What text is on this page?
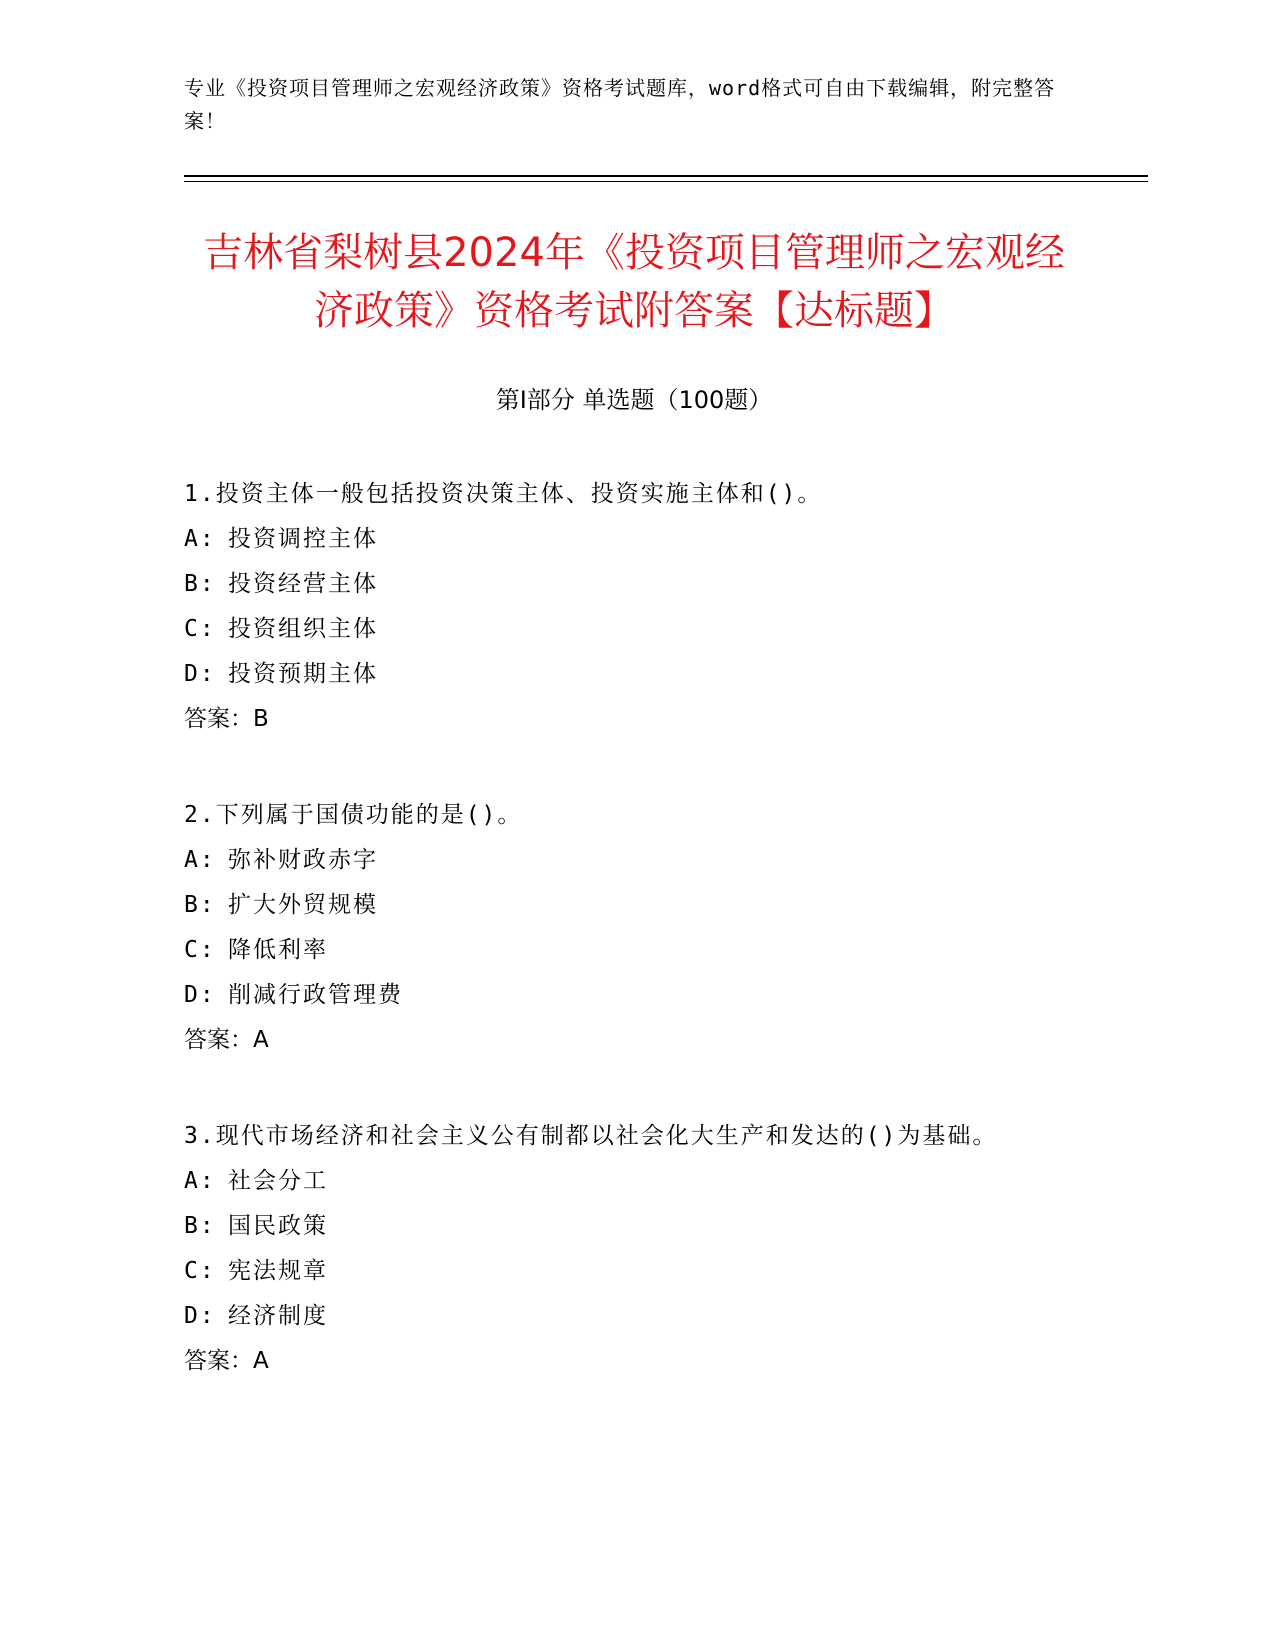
专业《投资项目管理师之宏观经济政策》资格考试题库，word格式可自由下载编辑，附完整答案！
吉林省梨树县2024年《投资项目管理师之宏观经济政策》资格考试附答案【达标题】
第I部分 单选题（100题）

1.投资主体一般包括投资决策主体、投资实施主体和()。

A: 投资调控主体

B: 投资经营主体

C: 投资组织主体

D: 投资预期主体

答案：B

2.下列属于国债功能的是()。

A: 弥补财政赤字

B: 扩大外贸规模

C: 降低利率

D: 削减行政管理费

答案：A

3.现代市场经济和社会主义公有制都以社会化大生产和发达的()为基础。

A: 社会分工

B: 国民政策

C: 宪法规章

D: 经济制度

答案：A
